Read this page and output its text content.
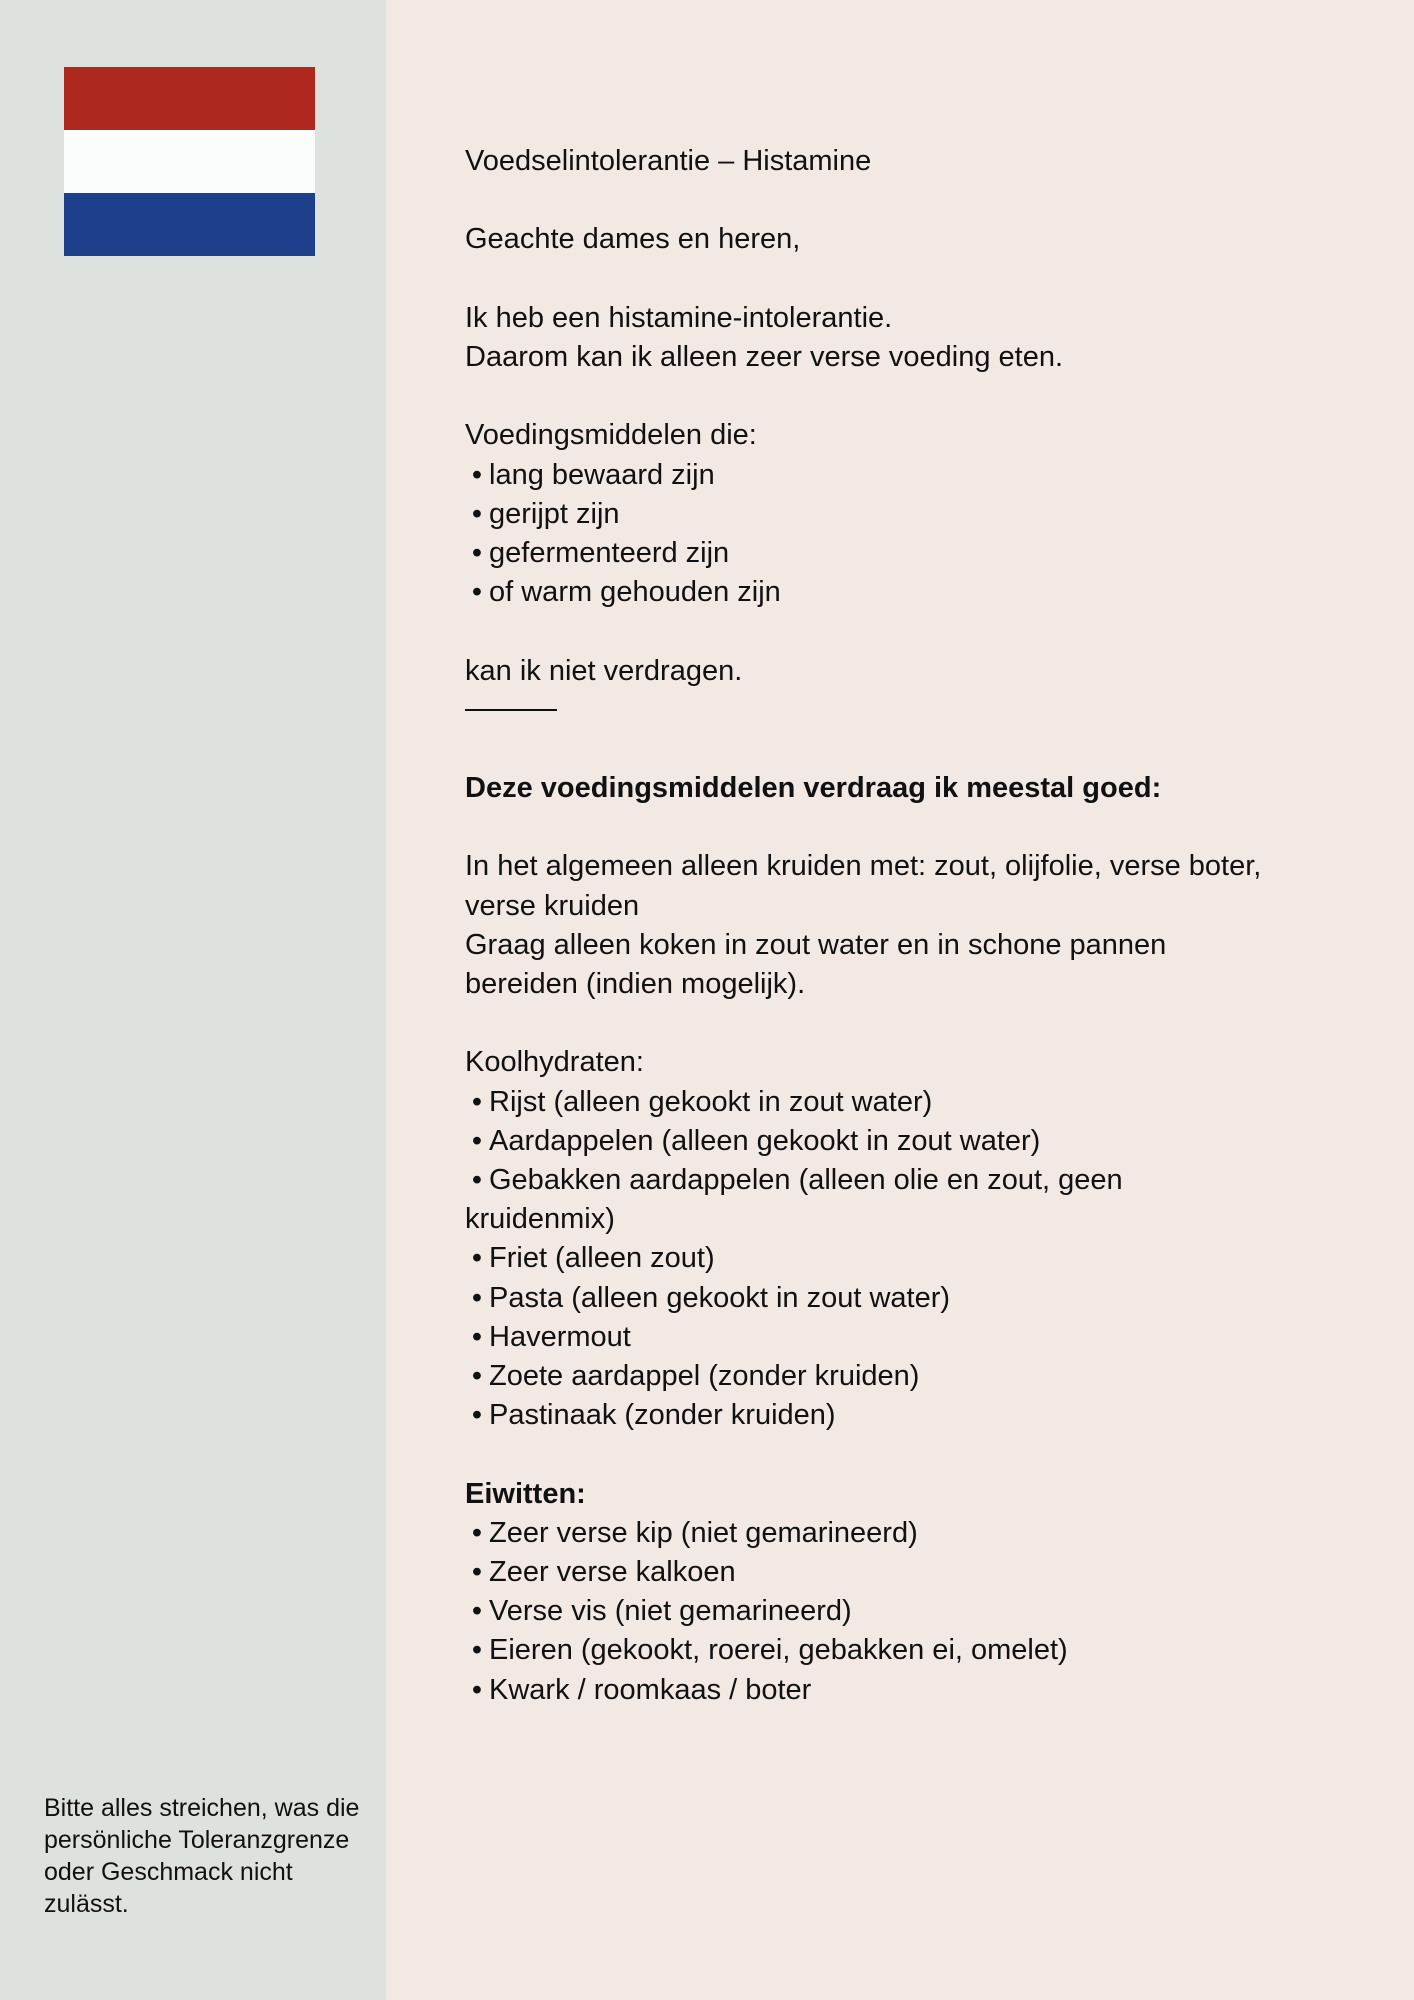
Bitte alles streichen, was die persönliche Toleranzgrenze oder Geschmack nicht zulässt.

Voedselintolerantie – Histamine

Geachte dames en heren,

Ik heb een histamine-intolerantie.

Daarom kan ik alleen zeer verse voeding eten.

Voedingsmiddelen die:

• lang bewaard zijn

• gerijpt zijn

• gefermenteerd zijn

• of warm gehouden zijn

kan ik niet verdragen.

Deze voedingsmiddelen verdraag ik meestal goed:

In het algemeen alleen kruiden met: zout, olijfolie, verse boter,

verse kruiden

Graag alleen koken in zout water en in schone pannen

bereiden (indien mogelijk).

Koolhydraten:

• Rijst (alleen gekookt in zout water)

• Aardappelen (alleen gekookt in zout water)

• Gebakken aardappelen (alleen olie en zout, geen

kruidenmix)

• Friet (alleen zout)

• Pasta (alleen gekookt in zout water)

• Havermout

• Zoete aardappel (zonder kruiden)

• Pastinaak (zonder kruiden)

Eiwitten:

• Zeer verse kip (niet gemarineerd)

• Zeer verse kalkoen

• Verse vis (niet gemarineerd)

• Eieren (gekookt, roerei, gebakken ei, omelet)

• Kwark / roomkaas / boter
